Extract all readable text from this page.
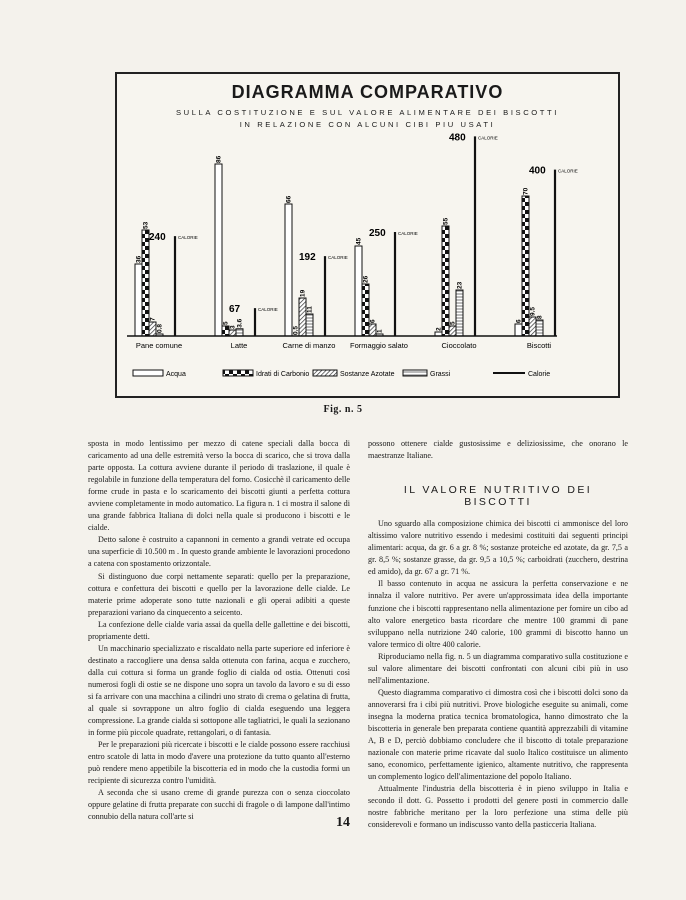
36
53
7
0.8
240	CALORIE
Pane comune
86
5
3 3.6
67	CALORIE
Latte
66
0.5
19
11
192	CALORIE
Carne di manzo
45
26
6
1
250	CALORIE
Formaggio salato
2
55
5
23
480	CALORIE
Cioccolato
6
70
9.5
8
400	CALORIE
Biscotti
Acqua	Idrati di Carbonio	Sostanze Azotate	Grassi	Calorie
DIAGRAMMA COMPARATIVO
SULLA COSTITUZIONE E SUL VALORE ALIMENTARE DEI BISCOTTI
IN RELAZIONE CON ALCUNI CIBI PIU USATI
Fig. n. 5

sposta in modo lentissimo per mezzo di catene speciali dalla bocca di caricamento ad una delle estremità verso la bocca di scarico, che si trova dalla parte opposta. La cottura avviene durante il periodo di traslazione, il quale è regolabile in funzione della temperatura del forno. Cosicchè il caricamento delle forme crude in pasta e lo scaricamento dei biscotti giunti a perfetta cottura avviene completamente in modo automatico. La figura n. 1 ci mostra il salone di una grande fabbrica Italiana di dolci nella quale si producono i biscotti e le cialde.

Detto salone è costruito a capannoni in cemento a grandi vetrate ed occupa una superficie di 10.500 m . In questo grande ambiente le lavorazioni procedono a catena con spostamento orizzontale.

Si distinguono due corpi nettamente separati: quello per la preparazione, cottura e confettura dei biscotti e quello per la lavorazione delle cialde. Le materie prime adoperate sono tutte nazionali e gli operai adibiti a queste preparazioni variano da cinquecento a seicento.

La confezione delle cialde varia assai da quella delle gallettine e dei biscotti, propriamente detti.

Un macchinario specializzato e riscaldato nella parte superiore ed inferiore è destinato a raccogliere una densa salda ottenuta con farina, acqua e zucchero, dalla cui cottura si forma un grande foglio di cialda od ostia. Ottenuti così numerosi fogli di ostie se ne dispone uno sopra un tavolo da lavoro e su di esso si fa arrivare con una macchina a cilindri uno strato di crema o gelatina di frutta, al quale si sovrappone un altro foglio di cialda eseguendo una leggera compressione. La grande cialda si sottopone alle tagliatrici, le quali la sezionano in forme più piccole quadrate, rettangolari, o di fantasia.

Per le preparazioni più ricercate i biscotti e le cialde possono essere racchiusi entro scatole di latta in modo d'avere una protezione da tutto quanto all'esterno può rendere meno appetibile la biscotteria ed in modo che la custodia formi un recipiente di sicurezza contro l'umidità.

A seconda che si usano creme di grande purezza con o senza cioccolato oppure gelatine di frutta preparate con succhi di fragole o di lampone dall'intimo connubio della natura coll'arte si

possono ottenere cialde gustosissime e deliziosissime, che onorano le maestranze Italiane.

IL VALORE NUTRITIVO DEI BISCOTTI

Uno sguardo alla composizione chimica dei biscotti ci ammonisce del loro altissimo valore nutritivo essendo i medesimi costituiti dai seguenti principi alimentari: acqua, da gr. 6 a gr. 8 %; sostanze proteiche ed azotate, da gr. 7,5 a gr. 8,5 %; sostanze grasse, da gr. 9,5 a 10,5 %; carboidrati (zucchero, destrina ed amido), da gr. 67 a gr. 71 %.

Il basso contenuto in acqua ne assicura la perfetta conservazione e ne innalza il valore nutritivo. Per avere un'approssimata idea della importante funzione che i biscotti rappresentano nella alimentazione per fornire un cibo ad alto valore energetico basta ricordare che mentre 100 grammi di pane sviluppano nella nutrizione 240 calorie, 100 grammi di biscotto hanno un valore termico di oltre 400 calorie.

Riproduciamo nella fig. n. 5 un diagramma comparativo sulla costituzione e sul valore alimentare dei biscotti confrontati con alcuni cibi più in uso nell'alimentazione.

Questo diagramma comparativo ci dimostra così che i biscotti dolci sono da annoverarsi fra i cibi più nutritivi. Prove biologiche eseguite su animali, come insegna la moderna pratica tecnica bromatologica, hanno dimostrato che la biscotteria in generale ben preparata contiene quantità apprezzabili di vitamine A, B e D, perciò dobbiamo concludere che il biscotto di totale preparazione nazionale con materie prime ricavate dal suolo Italico costituisce un alimento sano, economico, perfettamente igienico, altamente nutritivo, che rappresenta un complemento logico dell'alimentazione del popolo Italiano.

Attualmente l'industria della biscotteria è in pieno sviluppo in Italia e secondo il dott. G. Possetto i prodotti del genere posti in commercio dalle nostre fabbriche meritano per la loro perfezione una stima delle più considerevoli e formano un indiscusso vanto della pasticceria Italiana.

14
